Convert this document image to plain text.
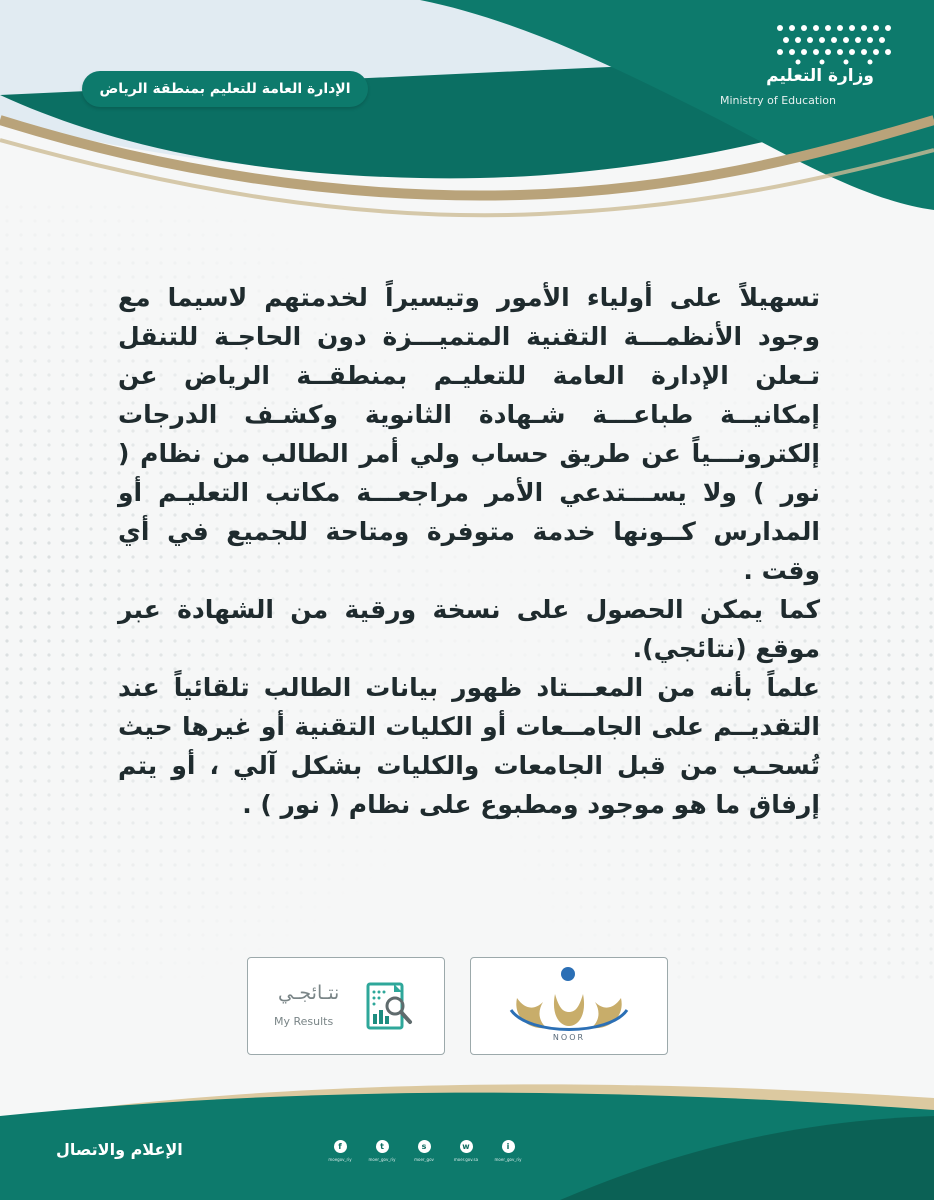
وزارة التعليم
Ministry of Education
الإدارة العامة للتعليم بمنطقة الرياض

تسهيلاً على أولياء الأمور وتيسيراً لخدمتهم لاسيما مع وجود الأنظمـــة التقنية المتميـــزة دون الحاجـة للتنقل تـعلن الإدارة العامة للتعليـم بمنطقــة الرياض عن إمكانيــة طباعـــة شـهادة الثانوية وكشـف الدرجات إلكترونـــياً عن طريق حساب ولي أمر الطالب من نظام ( نور ) ولا يســـتدعي الأمر مراجعـــة مكاتب التعليـم أو المدارس كــونها خدمة متوفرة ومتاحة للجميع في أي وقت .

كما يمكن الحصول على نسخة ورقية من الشهادة عبر موقع (نتائجي).

علماً بأنه من المعـــتاد ظهور بيانات الطالب تلقائياً عند التقديــم على الجامــعات أو الكليات التقنية أو غيرها حيث تُسحـب من قبل الجامعات والكليات بشكل آلي ، أو يتم إرفاق ما هو موجود ومطبوع على نظام ( نور ) .

نتـائجـي
My Results
NOOR
الإعلام والاتصال	f
moegov_riy
t
moer_gov_riy
s
moer_gov
w
moer.gov.sa
i
moer_gov_riy
